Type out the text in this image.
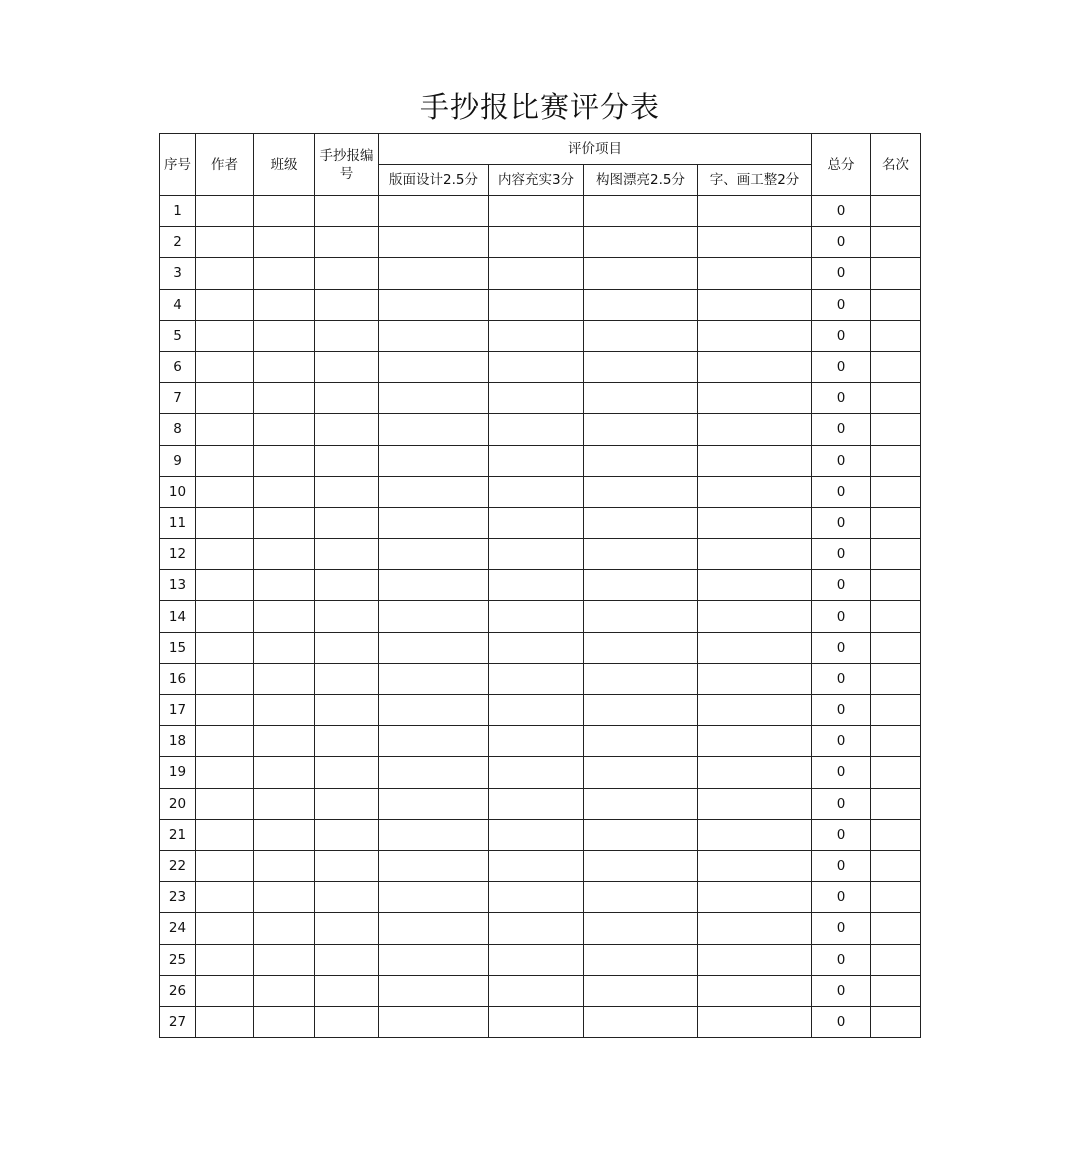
手抄报比赛评分表
序号	作者	班级	手抄报编号	评价项目				总分	名次
				版面设计2.5分	内容充实3分	构图漂亮2.5分	字、画工整2分		
1								0	
2								0	
3								0	
4								0	
5								0	
6								0	
7								0	
8								0	
9								0	
10								0	
11								0	
12								0	
13								0	
14								0	
15								0	
16								0	
17								0	
18								0	
19								0	
20								0	
21								0	
22								0	
23								0	
24								0	
25								0	
26								0	
27								0	
